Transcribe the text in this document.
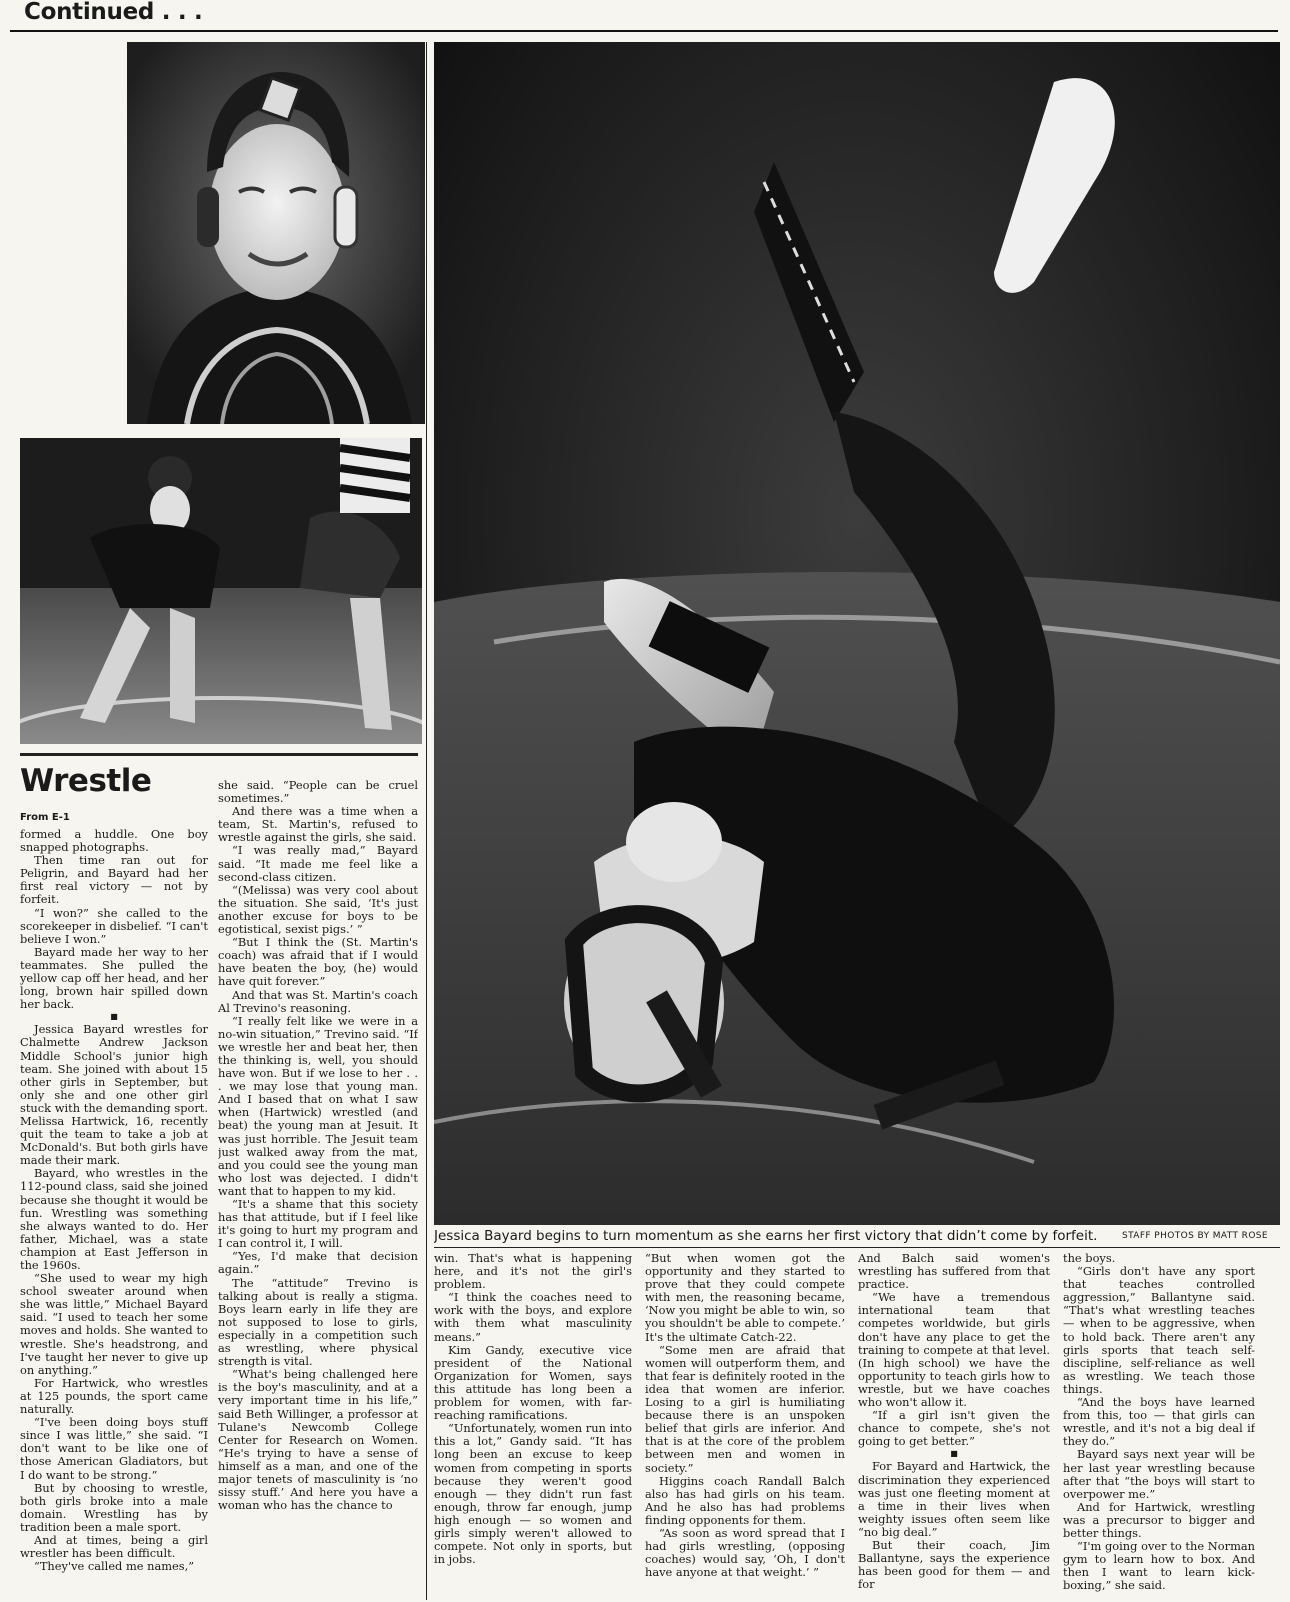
Continued . . .
Jessica Bayard begins to turn momentum as she earns her first victory that didn’t come by forfeit.	STAFF PHOTOS BY MATT ROSE
Wrestle
From E-1

formed a huddle. One boy snapped photographs.

Then time ran out for Peligrin, and Bayard had her first real victory — not by forfeit.

“I won?” she called to the scorekeeper in disbelief. “I can't believe I won.”

Bayard made her way to her teammates. She pulled the yellow cap off her head, and her long, brown hair spilled down her back.

■

Jessica Bayard wrestles for Chalmette Andrew Jackson Middle School's junior high team. She joined with about 15 other girls in September, but only she and one other girl stuck with the demanding sport. Melissa Hartwick, 16, recently quit the team to take a job at McDonald's. But both girls have made their mark.

Bayard, who wrestles in the 112-pound class, said she joined because she thought it would be fun. Wrestling was something she always wanted to do. Her father, Michael, was a state champion at East Jefferson in the 1960s.

“She used to wear my high school sweater around when she was little,” Michael Bayard said. “I used to teach her some moves and holds. She wanted to wrestle. She's headstrong, and I've taught her never to give up on anything.”

For Hartwick, who wrestles at 125 pounds, the sport came naturally.

“I've been doing boys stuff since I was little,” she said. “I don't want to be like one of those American Gladiators, but I do want to be strong.”

But by choosing to wrestle, both girls broke into a male domain. Wrestling has by tradition been a male sport.

And at times, being a girl wrestler has been difficult.

“They've called me names,”

she said. “People can be cruel sometimes.”

And there was a time when a team, St. Martin's, refused to wrestle against the girls, she said.

“I was really mad,” Bayard said. “It made me feel like a second-class citizen.

“(Melissa) was very cool about the situation. She said, ‘It's just another excuse for boys to be egotistical, sexist pigs.’ ”

“But I think the (St. Martin's coach) was afraid that if I would have beaten the boy, (he) would have quit forever.”

And that was St. Martin's coach Al Trevino's reasoning.

“I really felt like we were in a no-win situation,” Trevino said. “If we wrestle her and beat her, then the thinking is, well, you should have won. But if we lose to her . . . we may lose that young man. And I based that on what I saw when (Hartwick) wrestled (and beat) the young man at Jesuit. It was just horrible. The Jesuit team just walked away from the mat, and you could see the young man who lost was dejected. I didn't want that to happen to my kid.

“It's a shame that this society has that attitude, but if I feel like it's going to hurt my program and I can control it, I will.

“Yes, I'd make that decision again.”

The “attitude” Trevino is talking about is really a stigma. Boys learn early in life they are not supposed to lose to girls, especially in a competition such as wrestling, where physical strength is vital.

“What's being challenged here is the boy's masculinity, and at a very important time in his life,” said Beth Willinger, a professor at Tulane's Newcomb College Center for Research on Women. “He's trying to have a sense of himself as a man, and one of the major tenets of masculinity is ‘no sissy stuff.’ And here you have a woman who has the chance to

win. That's what is happening here, and it's not the girl's problem.

“I think the coaches need to work with the boys, and explore with them what masculinity means.”

Kim Gandy, executive vice president of the National Organization for Women, says this attitude has long been a problem for women, with far-reaching ramifications.

“Unfortunately, women run into this a lot,” Gandy said. “It has long been an excuse to keep women from competing in sports because they weren't good enough — they didn't run fast enough, throw far enough, jump high enough — so women and girls simply weren't allowed to compete. Not only in sports, but in jobs.

“But when women got the opportunity and they started to prove that they could compete with men, the reasoning became, ‘Now you might be able to win, so you shouldn't be able to compete.’ It's the ultimate Catch-22.

“Some men are afraid that women will outperform them, and that fear is definitely rooted in the idea that women are inferior. Losing to a girl is humiliating because there is an unspoken belief that girls are inferior. And that is at the core of the problem between men and women in society.”

Higgins coach Randall Balch also has had girls on his team. And he also has had problems finding opponents for them.

“As soon as word spread that I had girls wrestling, (opposing coaches) would say, ‘Oh, I don't have anyone at that weight.’ ”

And Balch said women's wrestling has suffered from that practice.

“We have a tremendous international team that competes worldwide, but girls don't have any place to get the training to compete at that level. (In high school) we have the opportunity to teach girls how to wrestle, but we have coaches who won't allow it.

“If a girl isn't given the chance to compete, she's not going to get better.”

■

For Bayard and Hartwick, the discrimination they experienced was just one fleeting moment at a time in their lives when weighty issues often seem like “no big deal.”

But their coach, Jim Ballantyne, says the experience has been good for them — and for

the boys.

“Girls don't have any sport that teaches controlled aggression,” Ballantyne said. “That's what wrestling teaches — when to be aggressive, when to hold back. There aren't any girls sports that teach self-discipline, self-reliance as well as wrestling. We teach those things.

“And the boys have learned from this, too — that girls can wrestle, and it's not a big deal if they do.”

Bayard says next year will be her last year wrestling because after that “the boys will start to overpower me.”

And for Hartwick, wrestling was a precursor to bigger and better things.

“I'm going over to the Norman gym to learn how to box. And then I want to learn kick-boxing,” she said.
